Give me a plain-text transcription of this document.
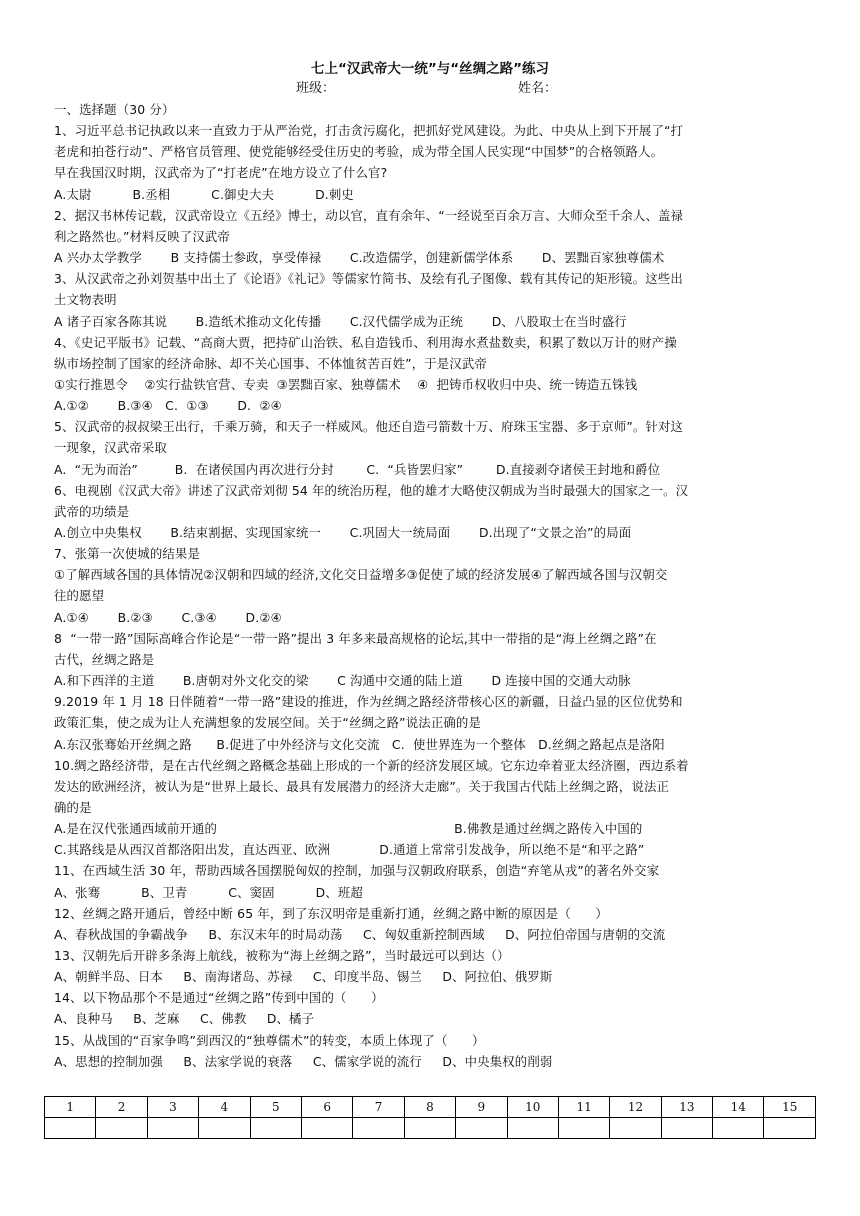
七上“汉武帝大一统”与“丝绸之路”练习
班级：	姓名：
一、选择题（30 分）
1、习近平总书记执政以来一直致力于从严治党，打击贪污腐化，把抓好党风建设。为此、中央从上到下开展了“打
老虎和拍苍行动”、严格官员管理、使党能够经受住历史的考验，成为带全国人民实现“中国梦”的合格领路人。
早在我国汉时期，汉武帝为了“打老虎”在地方设立了什么官?
A.太尉          B.丞相          C.御史大夫          D.刺史
2、据汉书林传记载，汉武帝设立《五经》博士，动以官，直有余年、“一经说至百余万言、大师众至千余人、盖禄
利之路然也。”材料反映了汉武帝
A 兴办太学教学       B 支持儒士参政，享受俸禄       C.改造儒学，创建新儒学体系       D、罢黜百家独尊儒术
3、从汉武帝之孙刘贺基中出土了《论语》《礼记》等儒家竹简书、及绘有孔子图像、载有其传记的矩形镜。这些出
土文物表明
A 诸子百家各陈其说       B.造纸术推动文化传播       C.汉代儒学成为正统       D、八股取士在当时盛行
4、《史记平版书》记载、“高商大贾，把持矿山治铁、私自造钱币、利用海水煮盐数卖，积累了数以万计的财产操
纵市场控制了国家的经济命脉、却不关心国事、不体恤贫苦百姓”，于是汉武帝
①实行推恩令    ②实行盐铁官营、专卖  ③罢黜百家、独尊儒术    ④  把铸币权收归中央、统一铸造五铢钱
A.①②       B.③④   C.  ①③       D.  ②④
5、汉武帝的叔叔梁王出行，千乘万骑，和天子一样威风。他还自造弓箭数十万、府珠玉宝器、多于京师”。针对这
一现象，汉武帝采取
A.  “无为而治”         B.  在诸侯国内再次进行分封        C.  “兵皆罢归家”        D.直接剥夺诸侯王封地和爵位
6、电视剧《汉武大帝》讲述了汉武帝刘彻 54 年的统治历程，他的雄才大略使汉朝成为当时最强大的国家之一。汉
武帝的功绩是
A.创立中央集权       B.结束割据、实现国家统一       C.巩固大一统局面       D.出现了“文景之治”的局面
7、张第一次使城的结果是
①了解西域各国的具体情况②汉朝和四域的经济,文化交日益增多③促使了域的经济发展④了解西域各国与汉朝交
往的愿望
A.①④       B.②③       C.③④       D.②④
8  “一带一路”国际高峰合作论是“一带一路”提出 3 年多来最高规格的论坛,其中一带指的是“海上丝绸之路”在
古代，丝绸之路是
A.和下西洋的主道       B.唐朝对外文化交的梁       C 沟通中交通的陆上道       D 连接中国的交通大动脉
9.2019 年 1 月 18 日伴随着“一带一路”建设的推进，作为丝绸之路经济带核心区的新疆，日益凸显的区位优势和
政策汇集，使之成为让人充满想象的发展空间。关于“丝绸之路”说法正确的是
A.东汉张骞始开丝绸之路      B.促进了中外经济与文化交流   C.  使世界连为一个整体   D.丝绸之路起点是洛阳
10.绸之路经济带，是在古代丝绸之路概念基础上形成的一个新的经济发展区域。它东边牵着亚太经济圈，西边系着
发达的欧洲经济，被认为是“世界上最长、最具有发展潜力的经济大走廊”。关于我国古代陆上丝绸之路，说法正
确的是
A.是在汉代张通西域前开通的                                                          B.佛教是通过丝绸之路传入中国的
C.其路线是从西汉首都洛阳出发，直达西亚、欧洲            D.通道上常常引发战争，所以绝不是“和平之路”
11、在西域生活 30 年，帮助西域各国摆脱匈奴的控制，加强与汉朝政府联系，创造“弃笔从戎”的著名外交家
A、张骞          B、卫青          C、窦固          D、班超
12、丝绸之路开通后，曾经中断 65 年，到了东汉明帝是重新打通，丝绸之路中断的原因是（      ）
A、春秋战国的争霸战争     B、东汉末年的时局动荡     C、匈奴重新控制西域     D、阿拉伯帝国与唐朝的交流
13、汉朝先后开辟多条海上航线，被称为“海上丝绸之路”，当时最远可以到达（）
A、朝鲜半岛、日本     B、南海诸岛、苏禄     C、印度半岛、锡兰     D、阿拉伯、俄罗斯
14、以下物品那个不是通过“丝绸之路”传到中国的（      ）
A、良种马     B、芝麻     C、佛教     D、橘子
15、从战国的“百家争鸣”到西汉的“独尊儒术”的转变，本质上体现了（      ）
A、思想的控制加强     B、法家学说的衰落     C、儒家学说的流行     D、中央集权的削弱
1	2	3	4	5	6	7	8	9	10	11	12	13	14	15
